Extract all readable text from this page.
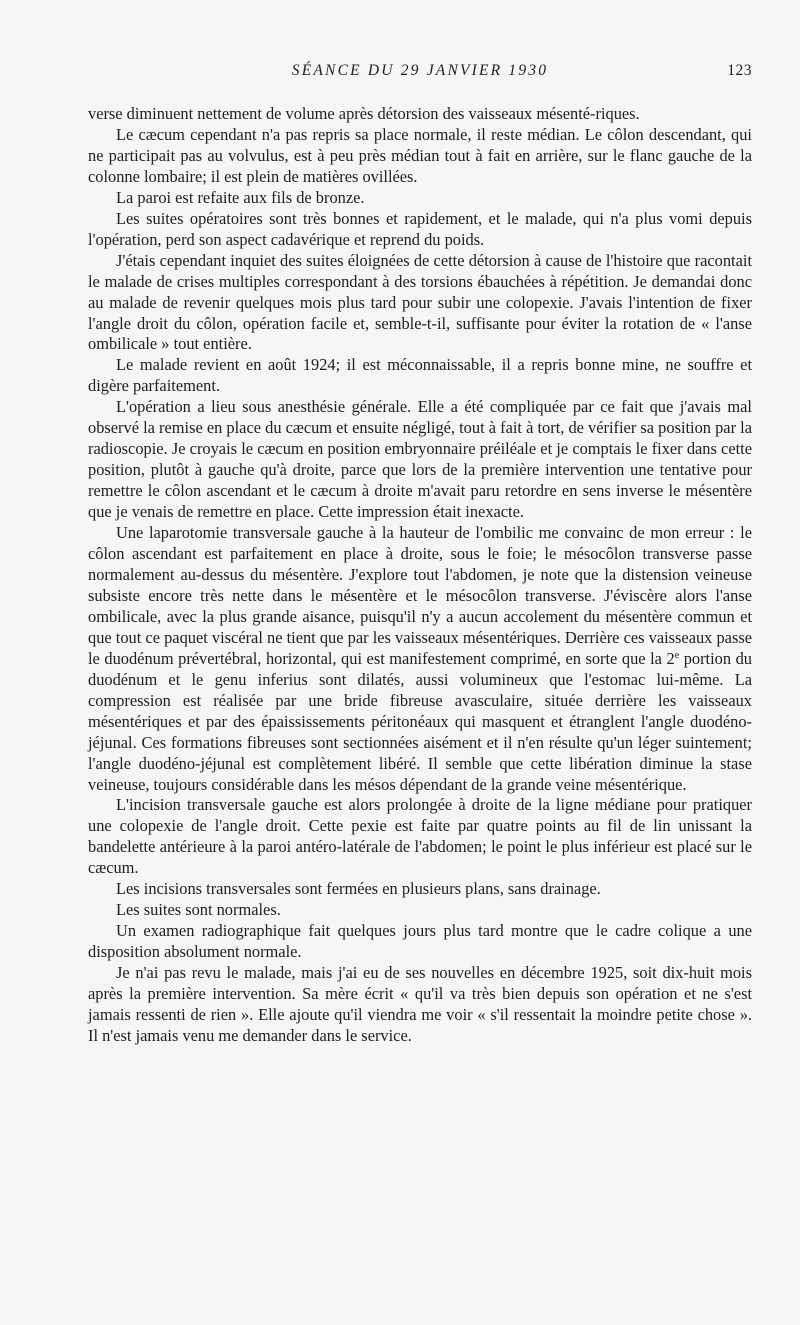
SÉANCE DU 29 JANVIER 1930	123

verse diminuent nettement de volume après détorsion des vaisseaux mésenté-riques.

Le cæcum cependant n'a pas repris sa place normale, il reste médian. Le côlon descendant, qui ne participait pas au volvulus, est à peu près médian tout à fait en arrière, sur le flanc gauche de la colonne lombaire; il est plein de matières ovillées.

La paroi est refaite aux fils de bronze.

Les suites opératoires sont très bonnes et rapidement, et le malade, qui n'a plus vomi depuis l'opération, perd son aspect cadavérique et reprend du poids.

J'étais cependant inquiet des suites éloignées de cette détorsion à cause de l'histoire que racontait le malade de crises multiples correspondant à des torsions ébauchées à répétition. Je demandai donc au malade de revenir quelques mois plus tard pour subir une colopexie. J'avais l'intention de fixer l'angle droit du côlon, opération facile et, semble-t-il, suffisante pour éviter la rotation de « l'anse ombilicale » tout entière.

Le malade revient en août 1924; il est méconnaissable, il a repris bonne mine, ne souffre et digère parfaitement.

L'opération a lieu sous anesthésie générale. Elle a été compliquée par ce fait que j'avais mal observé la remise en place du cæcum et ensuite négligé, tout à fait à tort, de vérifier sa position par la radioscopie. Je croyais le cæcum en position embryonnaire préiléale et je comptais le fixer dans cette position, plutôt à gauche qu'à droite, parce que lors de la première intervention une tentative pour remettre le côlon ascendant et le cæcum à droite m'avait paru retordre en sens inverse le mésentère que je venais de remettre en place. Cette impression était inexacte.

Une laparotomie transversale gauche à la hauteur de l'ombilic me convainc de mon erreur : le côlon ascendant est parfaitement en place à droite, sous le foie; le mésocôlon transverse passe normalement au-dessus du mésentère. J'explore tout l'abdomen, je note que la distension veineuse subsiste encore très nette dans le mésentère et le mésocôlon transverse. J'éviscère alors l'anse ombilicale, avec la plus grande aisance, puisqu'il n'y a aucun accolement du mésentère commun et que tout ce paquet viscéral ne tient que par les vaisseaux mésentériques. Derrière ces vaisseaux passe le duodénum prévertébral, horizontal, qui est manifestement comprimé, en sorte que la 2e portion du duodénum et le genu inferius sont dilatés, aussi volumineux que l'estomac lui-même. La compression est réalisée par une bride fibreuse avasculaire, située derrière les vaisseaux mésentériques et par des épaississements péritonéaux qui masquent et étranglent l'angle duodéno-jéjunal. Ces formations fibreuses sont sectionnées aisément et il n'en résulte qu'un léger suintement; l'angle duodéno-jéjunal est complètement libéré. Il semble que cette libération diminue la stase veineuse, toujours considérable dans les mésos dépendant de la grande veine mésentérique.

L'incision transversale gauche est alors prolongée à droite de la ligne médiane pour pratiquer une colopexie de l'angle droit. Cette pexie est faite par quatre points au fil de lin unissant la bandelette antérieure à la paroi antéro-latérale de l'abdomen; le point le plus inférieur est placé sur le cæcum.

Les incisions transversales sont fermées en plusieurs plans, sans drainage.

Les suites sont normales.

Un examen radiographique fait quelques jours plus tard montre que le cadre colique a une disposition absolument normale.

Je n'ai pas revu le malade, mais j'ai eu de ses nouvelles en décembre 1925, soit dix-huit mois après la première intervention. Sa mère écrit « qu'il va très bien depuis son opération et ne s'est jamais ressenti de rien ». Elle ajoute qu'il viendra me voir « s'il ressentait la moindre petite chose ». Il n'est jamais venu me demander dans le service.
